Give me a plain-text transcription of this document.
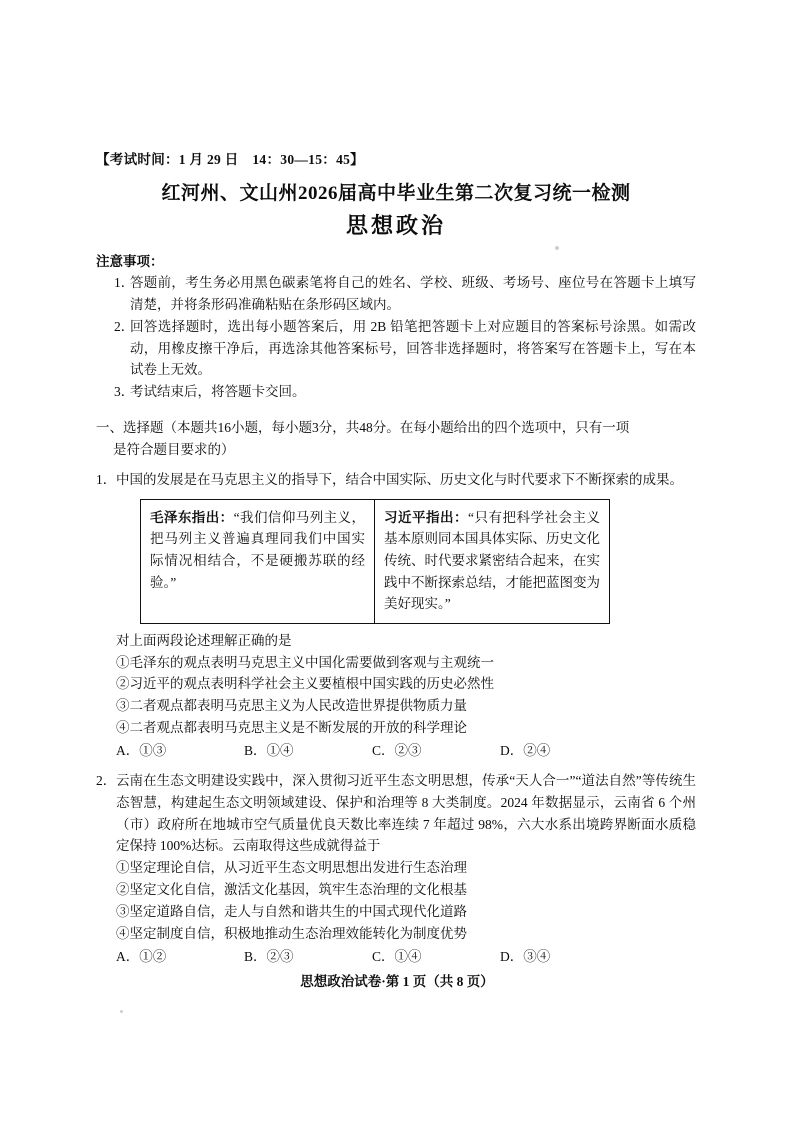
【考试时间：1 月 29 日　14：30—15：45】
红河州、文山州2026届高中毕业生第二次复习统一检测
思想政治
注意事项：
1．
答题前，考生务必用黑色碳素笔将自己的姓名、学校、班级、考场号、座位号在答题卡上填写清楚，并将条形码准确粘贴在条形码区域内。
2．
回答选择题时，选出每小题答案后，用 2B 铅笔把答题卡上对应题目的答案标号涂黑。如需改动，用橡皮擦干净后，再选涂其他答案标号，回答非选择题时，将答案写在答题卡上，写在本试卷上无效。
3．
考试结束后，将答题卡交回。
一、选择题（本题共16小题，每小题3分，共48分。在每小题给出的四个选项中，只有一项
是符合题目要求的）
1． 中国的发展是在马克思主义的指导下，结合中国实际、历史文化与时代要求下不断探索的成果。
毛泽东指出：“我们信仰马列主义，把马列主义普遍真理同我们中国实际情况相结合，不是硬搬苏联的经验。”
习近平指出：“只有把科学社会主义基本原则同本国具体实际、历史文化传统、时代要求紧密结合起来，在实践中不断探索总结，才能把蓝图变为美好现实。”
对上面两段论述理解正确的是
①毛泽东的观点表明马克思主义中国化需要做到客观与主观统一
②习近平的观点表明科学社会主义要植根中国实践的历史必然性
③二者观点都表明马克思主义为人民改造世界提供物质力量
④二者观点都表明马克思主义是不断发展的开放的科学理论
A．①③	B．①④	C．②③	D．②④
2． 云南在生态文明建设实践中，深入贯彻习近平生态文明思想，传承“天人合一”“道法自然”等传统生态智慧，构建起生态文明领域建设、保护和治理等 8 大类制度。2024 年数据显示，云南省 6 个州（市）政府所在地城市空气质量优良天数比率连续 7 年超过 98%，六大水系出境跨界断面水质稳定保持 100%达标。云南取得这些成就得益于
①坚定理论自信，从习近平生态文明思想出发进行生态治理
②坚定文化自信，激活文化基因，筑牢生态治理的文化根基
③坚定道路自信，走人与自然和谐共生的中国式现代化道路
④坚定制度自信，积极地推动生态治理效能转化为制度优势
A．①②	B．②③	C．①④	D．③④
思想政治试卷·第 1 页（共 8 页）
